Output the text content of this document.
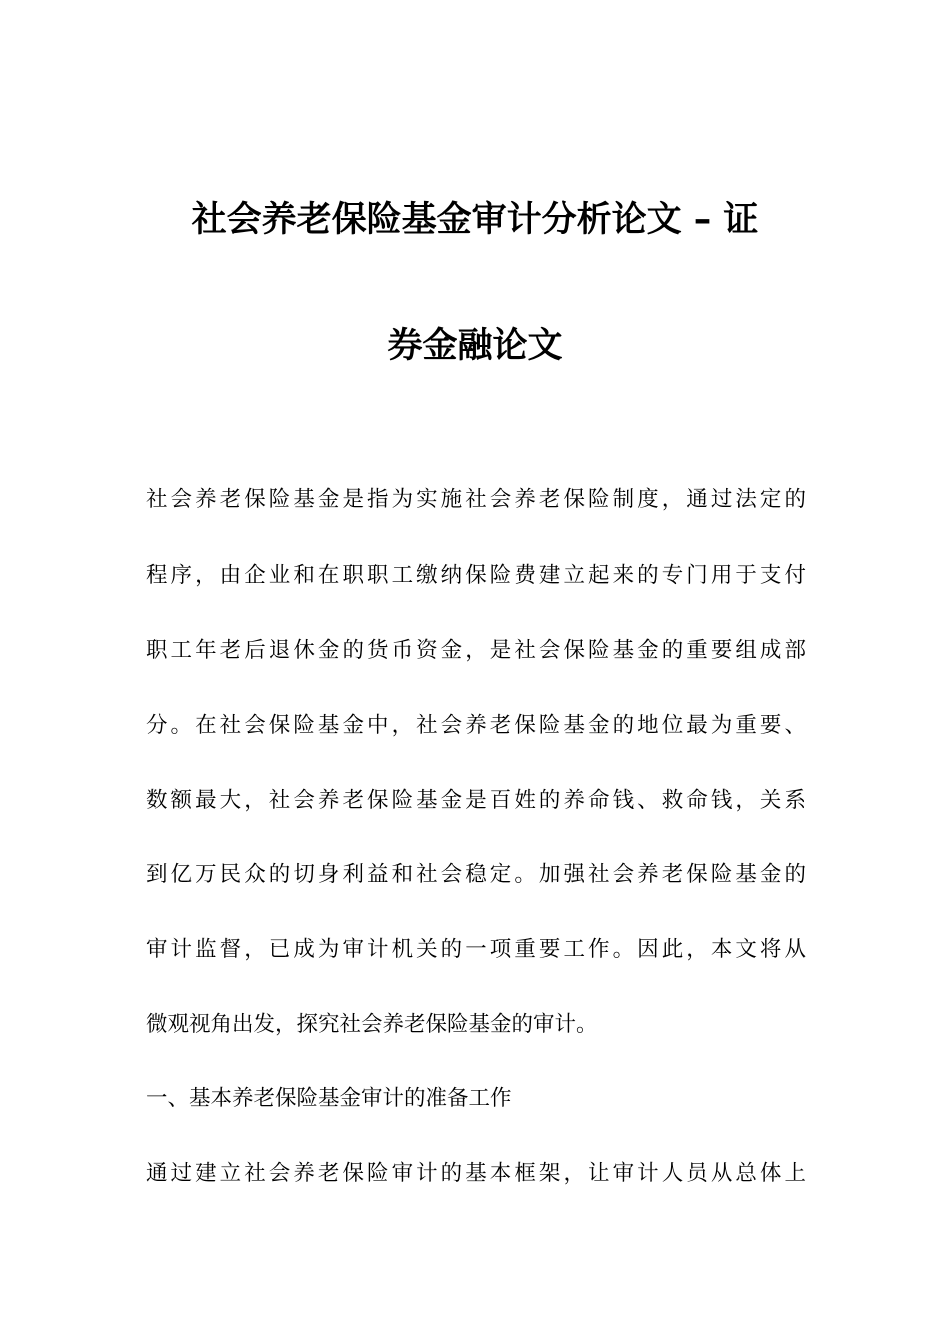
社会养老保险基金审计分析论文 – 证
券金融论文
社会养老保险基金是指为实施社会养老保险制度，通过法定的
程序，由企业和在职职工缴纳保险费建立起来的专门用于支付
职工年老后退休金的货币资金，是社会保险基金的重要组成部
分。在社会保险基金中，社会养老保险基金的地位最为重要、
数额最大，社会养老保险基金是百姓的养命钱、救命钱，关系
到亿万民众的切身利益和社会稳定。加强社会养老保险基金的
审计监督，已成为审计机关的一项重要工作。因此，本文将从
微观视角出发，探究社会养老保险基金的审计。
一、基本养老保险基金审计的准备工作
通过建立社会养老保险审计的基本框架，让审计人员从总体上
